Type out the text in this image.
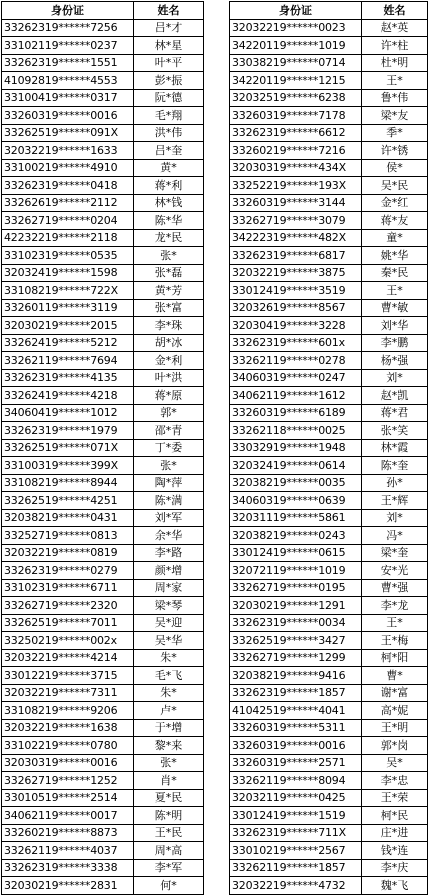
身份证	姓名
33262319******7256	吕*才
33102119******0237	林*星
33262319******1551	叶*平
41092819******4553	彭*振
33100419******0317	阮*德
33260319******0016	毛*翔
33262519******091X	洪*伟
32032219******1633	吕*奎
33100219******4910	黄*
33262319******0418	蒋*利
33262619******2112	林*钱
33262719******0204	陈*华
42232219******2118	龙*民
33102319******0535	张*
32032419******1598	张*磊
33108219******722X	黄*芳
33260119******3119	张*富
32030219******2015	李*珠
33262419******5212	胡*冰
33262119******7694	金*利
33262319******4135	叶*洪
33262419******4218	蒋*原
34060419******1012	郭*
33262319******1979	邵*青
33262519******071X	丁*委
33100319******399X	张*
33108219******8944	陶*萍
33262519******4251	陈*满
32038219******0431	刘*军
33252719******0813	余*华
32032219******0819	李*路
33262319******0279	颜*增
33102319******6711	周*家
33262719******2320	梁*琴
33262519******7011	吴*迎
33250219******002x	吴*华
32032219******4214	朱*
33012219******3715	毛*飞
32032219******7311	朱*
33108219******9206	卢*
32032219******1638	于*增
33102219******0780	黎*来
32030319******0016	张*
33262719******1252	肖*
33010519******2514	夏*民
34062119******0017	陈*明
33260219******8873	王*民
33262119******4037	周*高
33262319******3338	李*军
32030219******2831	何*
身份证	姓名
32032219******0023	赵*英
34220119******1019	许*柱
33038219******0714	杜*明
34220119******1215	王*
32032519******6238	鲁*伟
33260319******7178	梁*友
33262319******6612	季*
33260219******7216	许*锈
32030319******434X	侯*
33252219******193X	吴*民
33260319******3144	金*红
33262719******3079	蒋*友
34222319******482X	童*
33262319******6817	姚*华
32032219******3875	秦*民
33012419******3519	王*
32032619******8567	曹*敏
32030419******3228	刘*华
33262319******601x	李*鹏
33262119******0278	杨*强
34060319******0247	刘*
34062119******1612	赵*凯
33260319******6189	蒋*君
33262118******0025	张*笑
33032919******1948	林*霞
32032419******0614	陈*奎
32038219******0035	孙*
34060319******0639	王*辉
32031119******5861	刘*
32038219******0243	冯*
33012419******0615	梁*奎
32072119******1019	安*光
33262719******0195	曹*强
32030219******1291	李*龙
33262319******0034	王*
33262519******3427	王*梅
33262719******1299	柯*阳
32038219******9416	曹*
33262319******1857	谢*富
41042519******4041	高*妮
33260319******5311	王*明
33260319******0016	郭*岗
33260319******2571	吴*
33262119******8094	李*忠
32032119******0425	王*荣
33012419******1519	柯*民
33262319******711X	庄*进
33010219******2567	钱*连
33262119******1857	李*庆
32032219******4732	魏*飞
